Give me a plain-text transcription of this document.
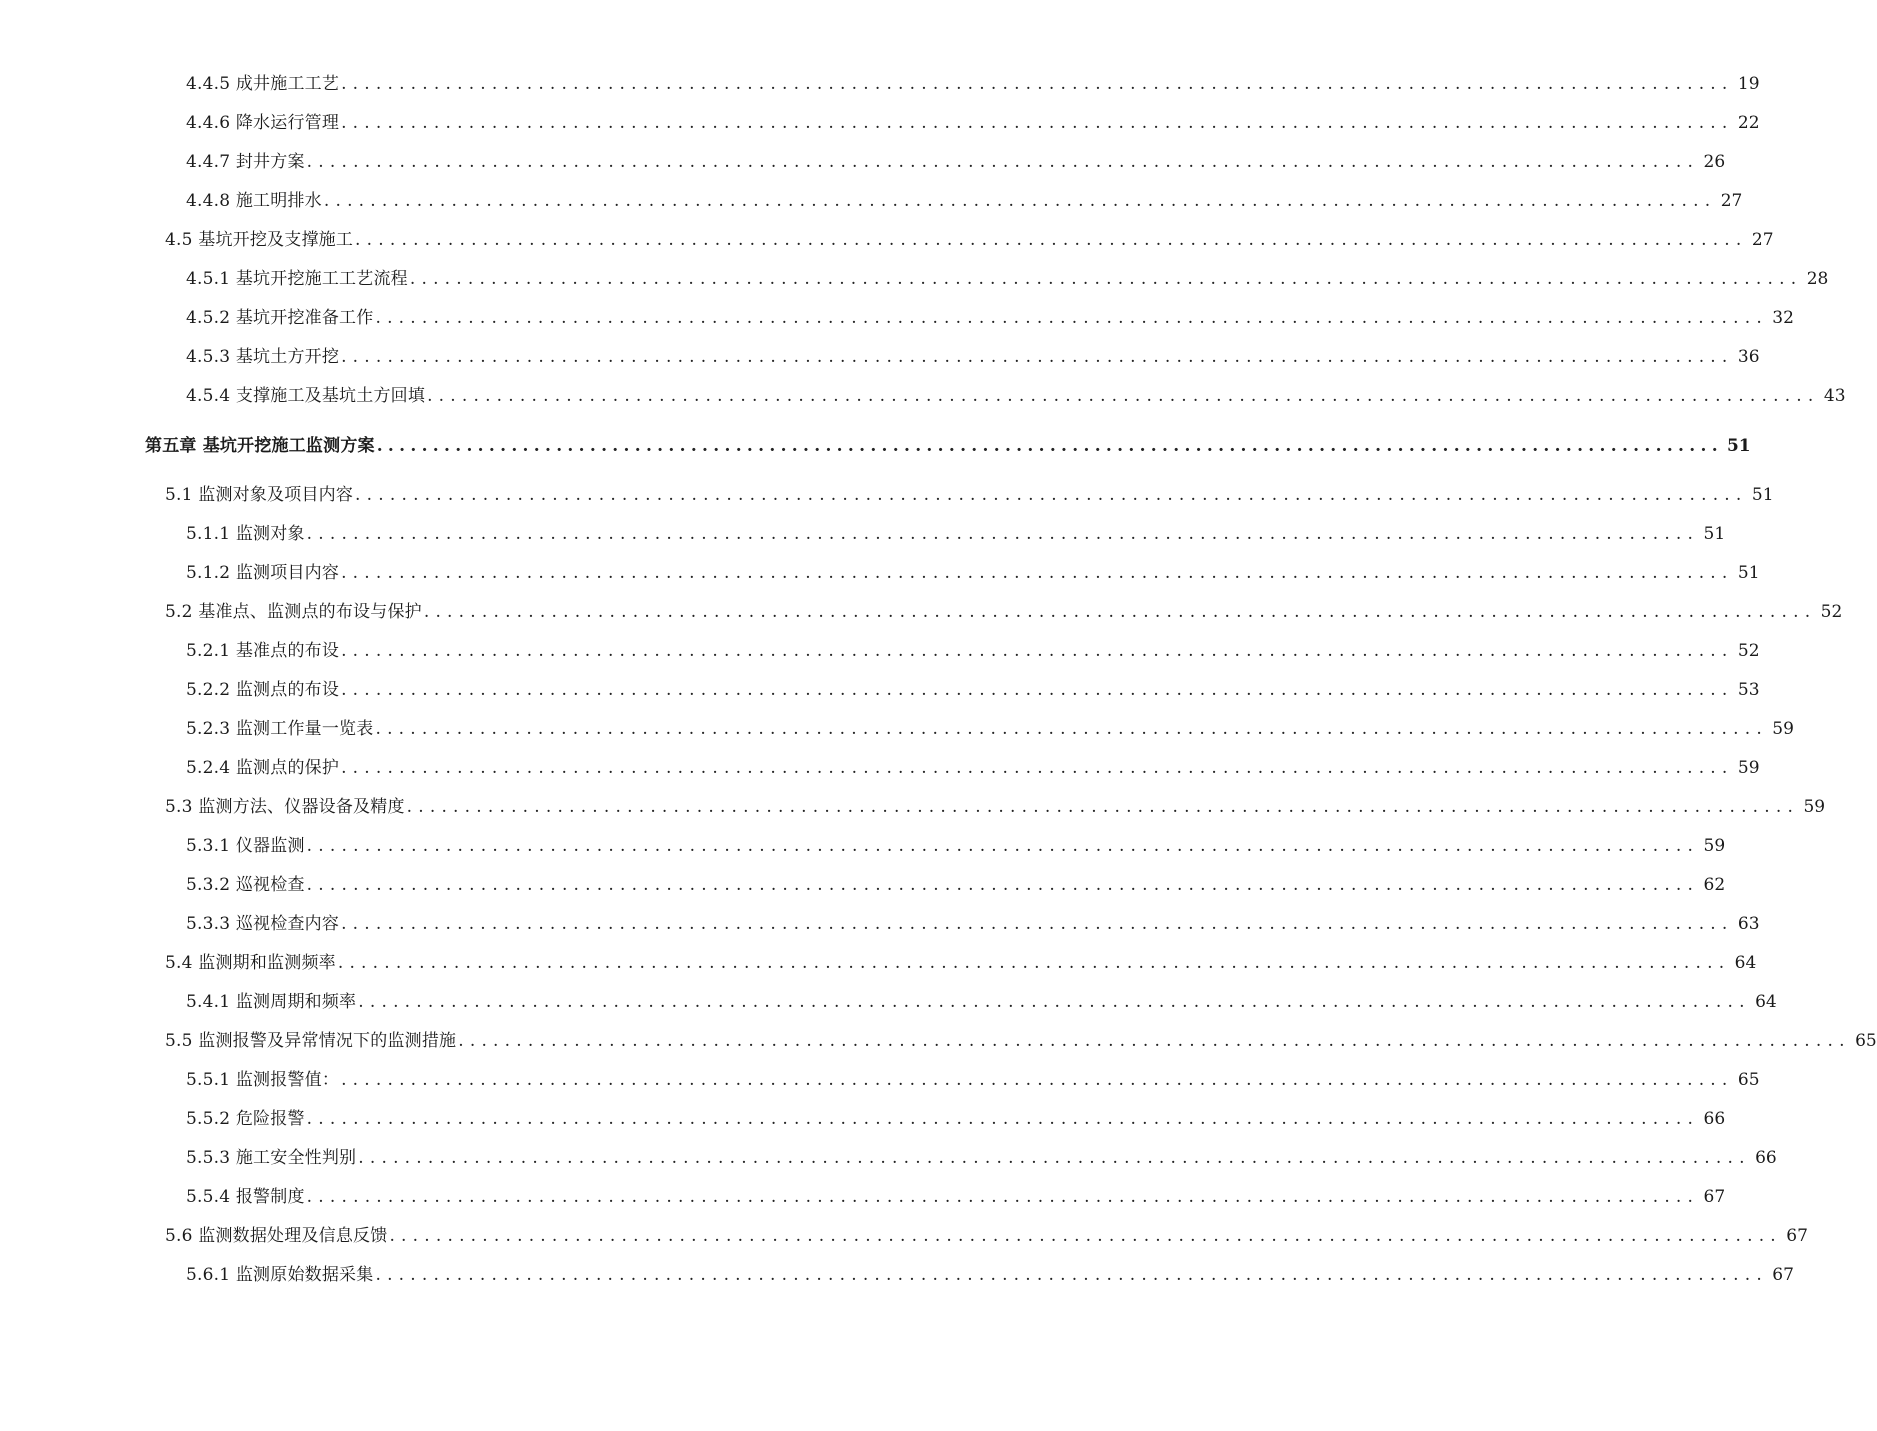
4.4.5 成井施工工艺 ........................................................................................................................ 19
4.4.6 降水运行管理 ........................................................................................................................ 22
4.4.7 封井方案 ........................................................................................................................ 26
4.4.8 施工明排水 ........................................................................................................................ 27
4.5 基坑开挖及支撑施工 ........................................................................................................................ 27
4.5.1 基坑开挖施工工艺流程 ........................................................................................................................ 28
4.5.2 基坑开挖准备工作 ........................................................................................................................ 32
4.5.3 基坑土方开挖 ........................................................................................................................ 36
4.5.4 支撑施工及基坑土方回填 ........................................................................................................................ 43
第五章 基坑开挖施工监测方案 ........................................................................................................................ 51
5.1 监测对象及项目内容 ........................................................................................................................ 51
5.1.1 监测对象 ........................................................................................................................ 51
5.1.2 监测项目内容 ........................................................................................................................ 51
5.2 基准点、监测点的布设与保护 ........................................................................................................................ 52
5.2.1 基准点的布设 ........................................................................................................................ 52
5.2.2 监测点的布设 ........................................................................................................................ 53
5.2.3 监测工作量一览表 ........................................................................................................................ 59
5.2.4 监测点的保护 ........................................................................................................................ 59
5.3 监测方法、仪器设备及精度 ........................................................................................................................ 59
5.3.1 仪器监测 ........................................................................................................................ 59
5.3.2 巡视检查 ........................................................................................................................ 62
5.3.3 巡视检查内容 ........................................................................................................................ 63
5.4 监测期和监测频率 ........................................................................................................................ 64
5.4.1 监测周期和频率 ........................................................................................................................ 64
5.5 监测报警及异常情况下的监测措施 ........................................................................................................................ 65
5.5.1 监测报警值： ........................................................................................................................ 65
5.5.2 危险报警 ........................................................................................................................ 66
5.5.3 施工安全性判别 ........................................................................................................................ 66
5.5.4 报警制度 ........................................................................................................................ 67
5.6 监测数据处理及信息反馈 ........................................................................................................................ 67
5.6.1 监测原始数据采集 ........................................................................................................................ 67
